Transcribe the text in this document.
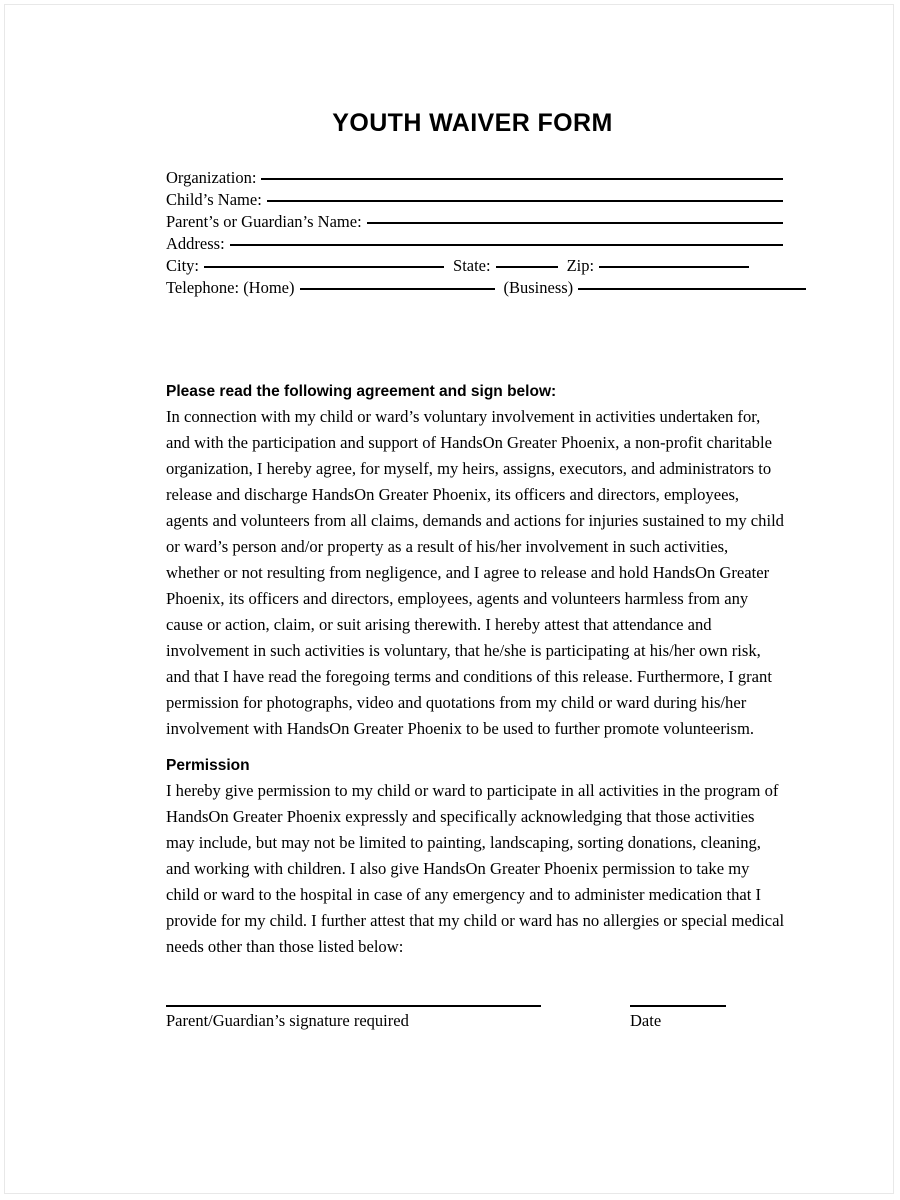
YOUTH WAIVER FORM
Organization:
Child’s Name:
Parent’s or Guardian’s Name:
Address:
City:	State:	Zip:
Telephone: (Home)	(Business)
Please read the following agreement and sign below:

In connection with my child or ward’s voluntary involvement in activities undertaken for, and with the participation and support of HandsOn Greater Phoenix, a non-profit charitable organization, I hereby agree, for myself, my heirs, assigns, executors, and administrators to release and discharge HandsOn Greater Phoenix, its officers and directors, employees, agents and volunteers from all claims, demands and actions for injuries sustained to my child or ward’s person and/or property as a result of his/her involvement in such activities, whether or not resulting from negligence, and I agree to release and hold HandsOn Greater Phoenix, its officers and directors, employees, agents and volunteers harmless from any cause or action, claim, or suit arising therewith. I hereby attest that attendance and involvement in such activities is voluntary, that he/she is participating at his/her own risk, and that I have read the foregoing terms and conditions of this release. Furthermore, I grant permission for photographs, video and quotations from my child or ward during his/her involvement with HandsOn Greater Phoenix to be used to further promote volunteerism.

Permission

I hereby give permission to my child or ward to participate in all activities in the program of HandsOn Greater Phoenix expressly and specifically acknowledging that those activities may include, but may not be limited to painting, landscaping, sorting donations, cleaning, and working with children. I also give HandsOn Greater Phoenix permission to take my child or ward to the hospital in case of any emergency and to administer medication that I provide for my child. I further attest that my child or ward has no allergies or special medical needs other than those listed below:

Parent/Guardian’s signature required	Date
